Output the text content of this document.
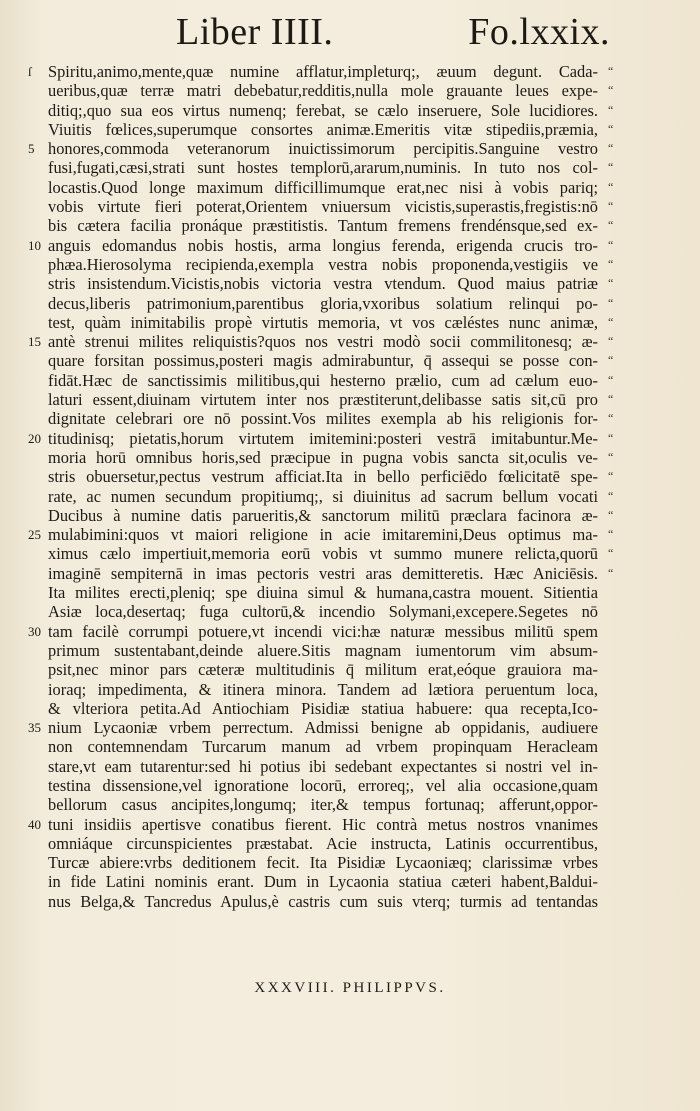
Liber IIII.	Fo.lxxix.
ſ
5
10
15
20
25
30
35
40
Spiritu,animo,mente,quæ numine afflatur,impleturq;, æuum degunt. Cada-
ueribus,quæ terræ matri debebatur,redditis,nulla mole grauante leues expe-
ditiq;,quo sua eos virtus numenq; ferebat, se cælo inseruere, Sole lucidiores.
Viuitis fœlices,superumque consortes animæ.Emeritis vitæ stipediis,præmia,
honores,commoda veteranorum inuictissimorum percipitis.Sanguine vestro
fusi,fugati,cæsi,strati sunt hostes templorū,ararum,numinis. In tuto nos col-
locastis.Quod longe maximum difficillimumque erat,nec nisi à vobis pariq;
vobis virtute fieri poterat,Orientem vniuersum vicistis,superastis,fregistis:nō
bis cætera facilia pronáque præstitistis. Tantum fremens frendénsque,sed ex-
anguis edomandus nobis hostis, arma longius ferenda, erigenda crucis tro-
phæa.Hierosolyma recipienda,exempla vestra nobis proponenda,vestigiis ve
stris insistendum.Vicistis,nobis victoria vestra vtendum. Quod maius patriæ
decus,liberis patrimonium,parentibus gloria,vxoribus solatium relinqui po-
test, quàm inimitabilis propè virtutis memoria, vt vos cæléstes nunc animæ,
antè strenui milites reliquistis?quos nos vestri modò socii commilitonesq; æ-
quare forsitan possimus,posteri magis admirabuntur, q̄ assequi se posse con-
fidāt.Hæc de sanctissimis militibus,qui hesterno prælio, cum ad cælum euo-
laturi essent,diuinam virtutem inter nos præstiterunt,delibasse satis sit,cū pro
dignitate celebrari ore nō possint.Vos milites exempla ab his religionis for-
titudinisq; pietatis,horum virtutem imitemini:posteri vestrā imitabuntur.Me-
moria horū omnibus horis,sed præcipue in pugna vobis sancta sit,oculis ve-
stris obuersetur,pectus vestrum afficiat.Ita in bello perficiēdo fœlicitatē spe-
rate, ac numen secundum propitiumq;, si diuinitus ad sacrum bellum vocati
Ducibus à numine datis parueritis,& sanctorum militū præclara facinora æ-
mulabimini:quos vt maiori religione in acie imitaremini,Deus optimus ma-
ximus cælo impertiuit,memoria eorū vobis vt summo munere relicta,quorū
imaginē sempiternā in imas pectoris vestri aras demitteretis. Hæc Aniciēsis.
Ita milites erecti,pleniq; spe diuina simul & humana,castra mouent. Sitientia
Asiæ loca,desertaq; fuga cultorū,& incendio Solymani,excepere.Segetes nō
tam facilè corrumpi potuere,vt incendi vici:hæ naturæ messibus militū spem
primum sustentabant,deinde aluere.Sitis magnam iumentorum vim absum-
psit,nec minor pars cæteræ multitudinis q̄ militum erat,eóque grauiora ma-
ioraq; impedimenta, & itinera minora. Tandem ad lætiora peruentum loca,
& vlteriora petita.Ad Antiochiam Pisidiæ statiua habuere: qua recepta,Ico-
nium Lycaoniæ vrbem perrectum. Admissi benigne ab oppidanis, audiuere
non contemnendam Turcarum manum ad vrbem propinquam Heracleam
stare,vt eam tutarentur:sed hi potius ibi sedebant expectantes si nostri vel in-
testina dissensione,vel ignoratione locorū, erroreq;, vel alia occasione,quam
bellorum casus ancipites,longumq; iter,& tempus fortunaq; afferunt,oppor-
tuni insidiis apertisve conatibus fierent. Hic contrà metus nostros vnanimes
omniáque circunspicientes præstabat. Acie instructa, Latinis occurrentibus,
Turcæ abiere:vrbs deditionem fecit. Ita Pisidiæ Lycaoniæq; clarissimæ vrbes
in fide Latini nominis erant. Dum in Lycaonia statiua cæteri habent,Baldui-
nus Belga,& Tancredus Apulus,è castris cum suis vterq; turmis ad tentandas
“
“
“
“
“
“
“
“
“
“
“
“
“
“
“
“
“
“
“
“
“
“
“
“
“
“
“
XXXVIII. PHILIPPVS.
